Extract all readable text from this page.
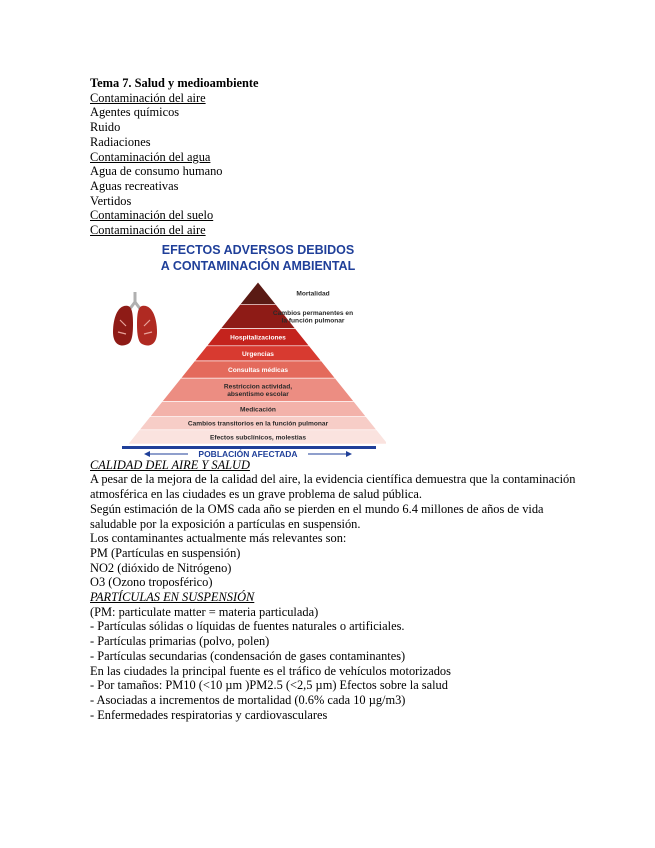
Tema 7. Salud y medioambiente
Contaminación del aire
Agentes químicos
Ruido
Radiaciones
Contaminación del agua
Agua de consumo humano
Aguas recreativas
Vertidos
Contaminación del suelo
Contaminación del aire
EFECTOS ADVERSOS DEBIDOS
A CONTAMINACIÓN AMBIENTAL
Mortalidad
Cambios permanentes en
la función pulmonar
Hospitalizaciones
Urgencias
Consultas médicas
Restriccion actividad,
absentismo escolar
Medicación
Cambios transitorios en la función pulmonar
Efectos subclínicos, molestias
POBLACIÓN AFECTADA
CALIDAD DEL AIRE Y SALUD
A pesar de la mejora de la calidad del aire, la evidencia científica demuestra que la contaminación atmosférica en las ciudades es un grave problema de salud pública.
Según estimación de la OMS cada año se pierden en el mundo 6.4 millones de años de vida saludable por la exposición a partículas en suspensión.
Los contaminantes actualmente más relevantes son:
PM (Partículas en suspensión)
NO2 (dióxido de Nitrógeno)
O3 (Ozono troposférico)
PARTÍCULAS EN SUSPENSIÓN
(PM: particulate matter = materia particulada)
- Partículas sólidas o líquidas de fuentes naturales o artificiales.
- Partículas primarias (polvo, polen)
- Partículas secundarias (condensación de gases contaminantes)
En las ciudades la principal fuente es el tráfico de vehículos motorizados
- Por tamaños: PM10 (<10 µm )PM2.5 (<2,5 µm) Efectos sobre la salud
- Asociadas a incrementos de mortalidad (0.6% cada 10 µg/m3)
- Enfermedades respiratorias y cardiovasculares
